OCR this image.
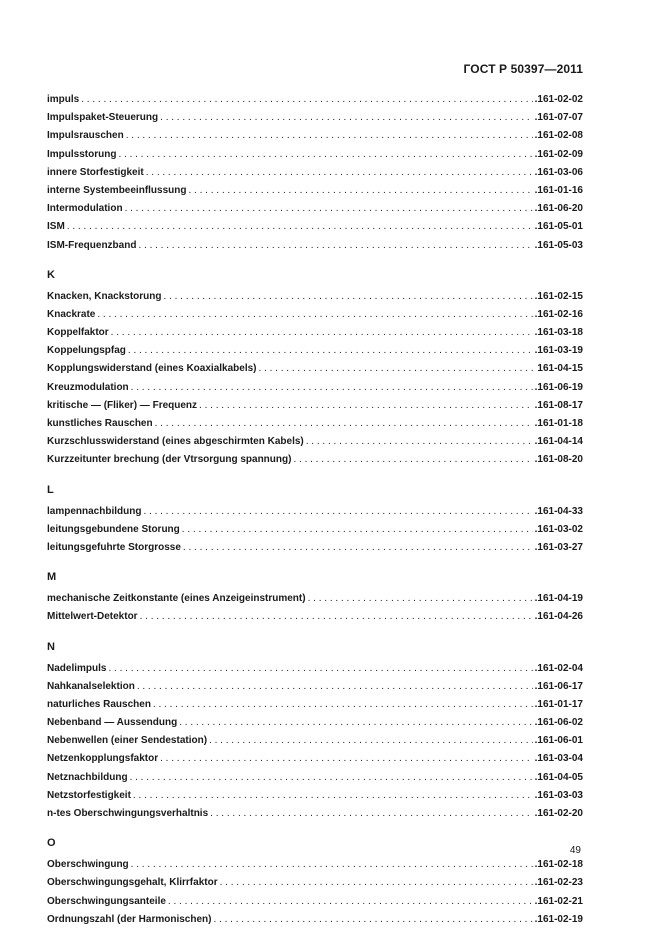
ГОСТ Р 50397—2011
impuls . . .	.161-02-02
Impulspaket-Steuerung . . .	.161-07-07
Impulsrauschen . . .	.161-02-08
Impulsstorung . . .	.161-02-09
innere Storfestigkeit . . .	.161-03-06
interne Systembeeinflussung . . .	.161-01-16
Intermodulation . . .	.161-06-20
ISM . . .	.161-05-01
ISM-Frequenzband . . .	.161-05-03
K
Knacken, Knackstorung . . .	.161-02-15
Knackrate . . .	.161-02-16
Koppelfaktor . . .	.161-03-18
Koppelungspfag . . .	.161-03-19
Kopplungswiderstand (eines Koaxialkabels) . . .	161-04-15
Kreuzmodulation . . .	.161-06-19
kritische — (Fliker) — Frequenz . . .	.161-08-17
kunstliches Rauschen . . .	.161-01-18
Kurzschlusswiderstand (eines abgeschirmten Kabels) . . .	.161-04-14
Kurzzeitunter brechung (der Vtrsorgung spannung) . . .	.161-08-20
L
lampennachbildung . . .	.161-04-33
leitungsgebundene Storung . . .	.161-03-02
leitungsgefuhrte Storgrosse . . .	.161-03-27
M
mechanische Zeitkonstante (eines Anzeigeinstrument) . . .	.161-04-19
Mittelwert-Detektor . . .	.161-04-26
N
Nadelimpuls . . .	.161-02-04
Nahkanalselektion . . .	.161-06-17
naturliches Rauschen . . .	.161-01-17
Nebenband — Aussendung . . .	.161-06-02
Nebenwellen (einer Sendestation) . . .	.161-06-01
Netzenkopplungsfaktor . . .	.161-03-04
Netznachbildung . . .	.161-04-05
Netzstorfestigkeit . . .	.161-03-03
n-tes Oberschwingungsverhaltnis . . .	.161-02-20
O
Oberschwingung . . .	.161-02-18
Oberschwingungsgehalt, Klirrfaktor . . .	.161-02-23
Oberschwingungsanteile . . .	.161-02-21
Ordnungszahl (der Harmonischen) . . .	.161-02-19
49
